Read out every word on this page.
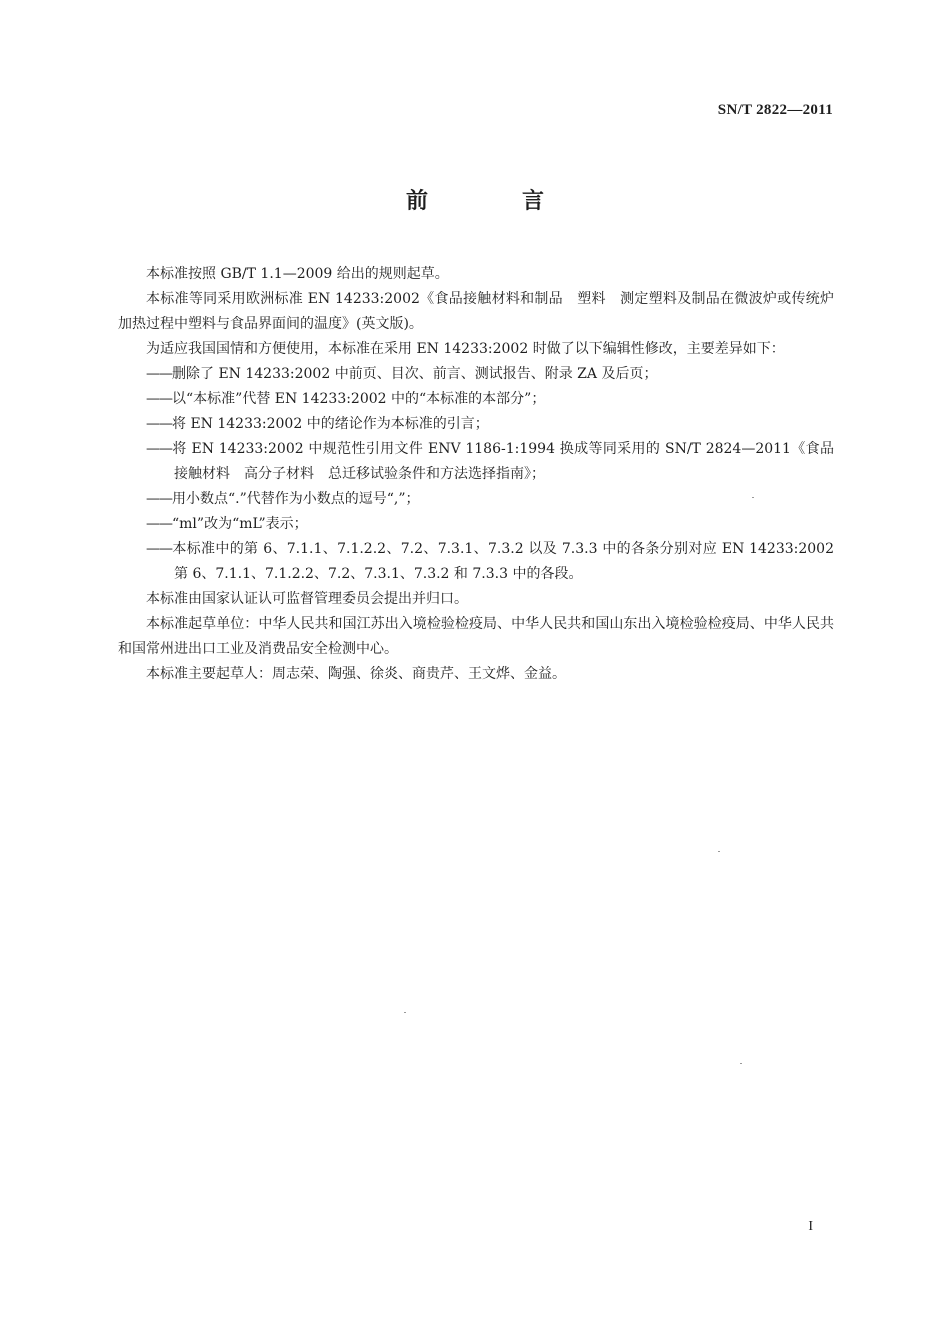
SN/T 2822—2011
前　言

本标准按照 GB/T 1.1—2009 给出的规则起草。

本标准等同采用欧洲标准 EN 14233:2002《食品接触材料和制品　塑料　测定塑料及制品在微波炉或传统炉加热过程中塑料与食品界面间的温度》(英文版)。

为适应我国国情和方便使用，本标准在采用 EN 14233:2002 时做了以下编辑性修改，主要差异如下：

——删除了 EN 14233:2002 中前页、目次、前言、测试报告、附录 ZA 及后页；

——以“本标准”代替 EN 14233:2002 中的“本标准的本部分”；

——将 EN 14233:2002 中的绪论作为本标准的引言；

——将 EN 14233:2002 中规范性引用文件 ENV 1186-1:1994 换成等同采用的 SN/T 2824—2011《食品接触材料　高分子材料　总迁移试验条件和方法选择指南》；

——用小数点“.”代替作为小数点的逗号“,”；

——“ml”改为“mL”表示；

——本标准中的第 6、7.1.1、7.1.2.2、7.2、7.3.1、7.3.2 以及 7.3.3 中的各条分别对应 EN 14233:2002 第 6、7.1.1、7.1.2.2、7.2、7.3.1、7.3.2 和 7.3.3 中的各段。

本标准由国家认证认可监督管理委员会提出并归口。

本标准起草单位：中华人民共和国江苏出入境检验检疫局、中华人民共和国山东出入境检验检疫局、中华人民共和国常州进出口工业及消费品安全检测中心。

本标准主要起草人：周志荣、陶强、徐炎、商贵芹、王文烨、金益。

I
